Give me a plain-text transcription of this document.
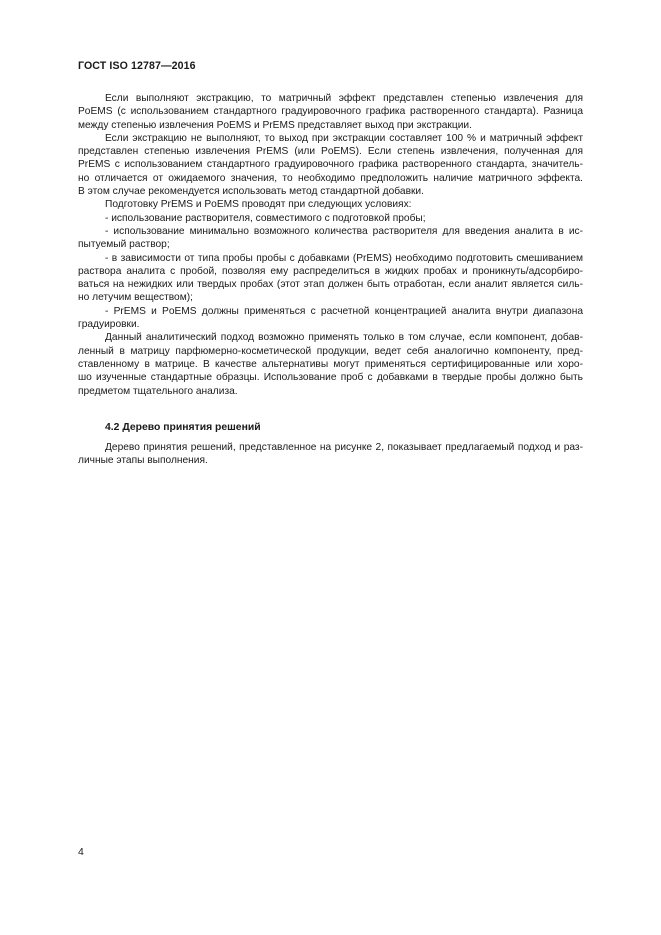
ГОСТ ISO 12787—2016
Если выполняют экстракцию, то матричный эффект представлен степенью извлечения для
PoEMS (с использованием стандартного градуировочного графика растворенного стандарта). Разница
между степенью извлечения PoEMS и PrEMS представляет выход при экстракции.
Если экстракцию не выполняют, то выход при экстракции составляет 100 % и матричный эффект
представлен степенью извлечения PrEMS (или PoEMS). Если степень извлечения, полученная для
PrEMS с использованием стандартного градуировочного графика растворенного стандарта, значитель-
но отличается от ожидаемого значения, то необходимо предположить наличие матричного эффекта.
В этом случае рекомендуется использовать метод стандартной добавки.
Подготовку PrEMS и PoEMS проводят при следующих условиях:
- использование растворителя, совместимого с подготовкой пробы;
- использование минимально возможного количества растворителя для введения аналита в ис-
пытуемый раствор;
- в зависимости от типа пробы пробы с добавками (PrEMS) необходимо подготовить смешиванием
раствора аналита с пробой, позволяя ему распределиться в жидких пробах и проникнуть/адсорбиро-
ваться на нежидких или твердых пробах (этот этап должен быть отработан, если аналит является силь-
но летучим веществом);
- PrEMS и PoEMS должны применяться с расчетной концентрацией аналита внутри диапазона
градуировки.
Данный аналитический подход возможно применять только в том случае, если компонент, добав-
ленный в матрицу парфюмерно-косметической продукции, ведет себя аналогично компоненту, пред-
ставленному в матрице. В качестве альтернативы могут применяться сертифицированные или хоро-
шо изученные стандартные образцы. Использование проб с добавками в твердые пробы должно быть
предметом тщательного анализа.
4.2 Дерево принятия решений
Дерево принятия решений, представленное на рисунке 2, показывает предлагаемый подход и раз-
личные этапы выполнения.
4
